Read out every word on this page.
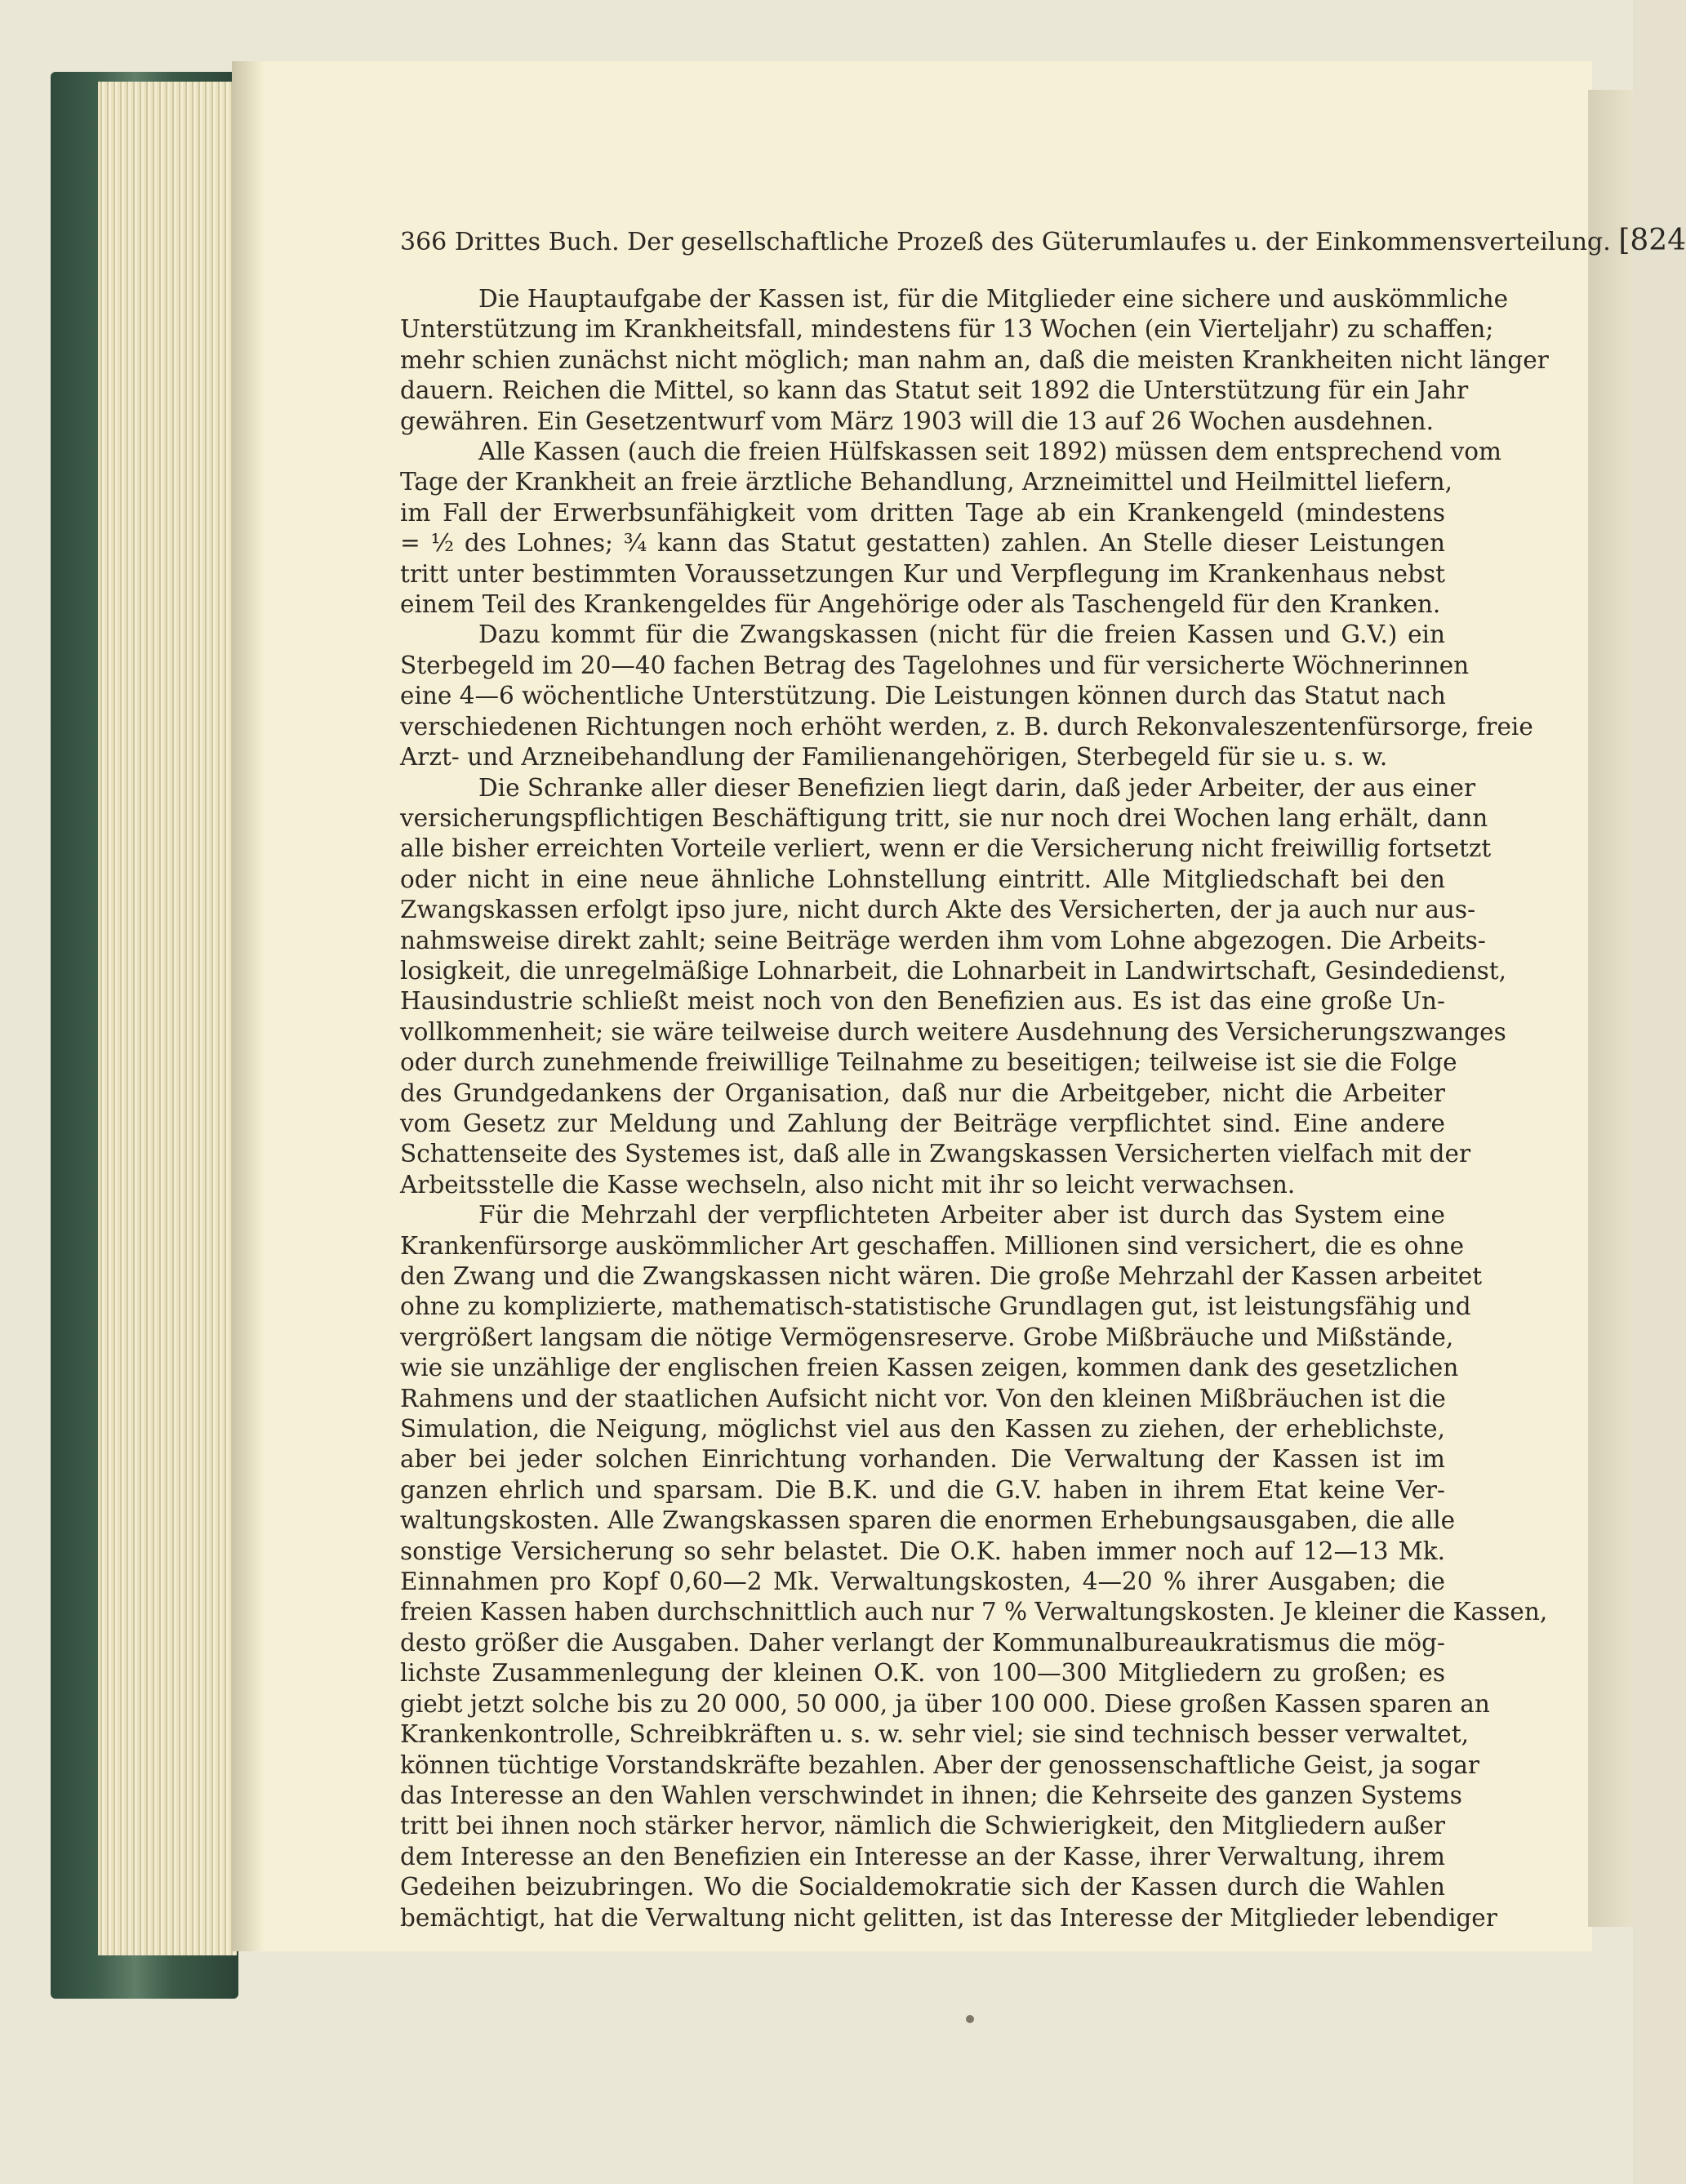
366 Drittes Buch. Der gesellschaftliche Prozeß des Güterumlaufes u. der Einkommensverteilung. [824
Die Hauptaufgabe der Kassen ist, für die Mitglieder eine sichere und auskömmliche
Unterstützung im Krankheitsfall, mindestens für 13 Wochen (ein Vierteljahr) zu schaffen;
mehr schien zunächst nicht möglich; man nahm an, daß die meisten Krankheiten nicht länger
dauern. Reichen die Mittel, so kann das Statut seit 1892 die Unterstützung für ein Jahr
gewähren. Ein Gesetzentwurf vom März 1903 will die 13 auf 26 Wochen ausdehnen.
Alle Kassen (auch die freien Hülfskassen seit 1892) müssen dem entsprechend vom
Tage der Krankheit an freie ärztliche Behandlung, Arzneimittel und Heilmittel liefern,
im Fall der Erwerbsunfähigkeit vom dritten Tage ab ein Krankengeld (mindestens
= ½ des Lohnes; ¾ kann das Statut gestatten) zahlen. An Stelle dieser Leistungen
tritt unter bestimmten Voraussetzungen Kur und Verpflegung im Krankenhaus nebst
einem Teil des Krankengeldes für Angehörige oder als Taschengeld für den Kranken.
Dazu kommt für die Zwangskassen (nicht für die freien Kassen und G.V.) ein
Sterbegeld im 20—40 fachen Betrag des Tagelohnes und für versicherte Wöchnerinnen
eine 4—6 wöchentliche Unterstützung. Die Leistungen können durch das Statut nach
verschiedenen Richtungen noch erhöht werden, z. B. durch Rekonvaleszentenfürsorge, freie
Arzt- und Arzneibehandlung der Familienangehörigen, Sterbegeld für sie u. s. w.
Die Schranke aller dieser Benefizien liegt darin, daß jeder Arbeiter, der aus einer
versicherungspflichtigen Beschäftigung tritt, sie nur noch drei Wochen lang erhält, dann
alle bisher erreichten Vorteile verliert, wenn er die Versicherung nicht freiwillig fortsetzt
oder nicht in eine neue ähnliche Lohnstellung eintritt. Alle Mitgliedschaft bei den
Zwangskassen erfolgt ipso jure, nicht durch Akte des Versicherten, der ja auch nur aus-
nahmsweise direkt zahlt; seine Beiträge werden ihm vom Lohne abgezogen. Die Arbeits-
losigkeit, die unregelmäßige Lohnarbeit, die Lohnarbeit in Landwirtschaft, Gesindedienst,
Hausindustrie schließt meist noch von den Benefizien aus. Es ist das eine große Un-
vollkommenheit; sie wäre teilweise durch weitere Ausdehnung des Versicherungszwanges
oder durch zunehmende freiwillige Teilnahme zu beseitigen; teilweise ist sie die Folge
des Grundgedankens der Organisation, daß nur die Arbeitgeber, nicht die Arbeiter
vom Gesetz zur Meldung und Zahlung der Beiträge verpflichtet sind. Eine andere
Schattenseite des Systemes ist, daß alle in Zwangskassen Versicherten vielfach mit der
Arbeitsstelle die Kasse wechseln, also nicht mit ihr so leicht verwachsen.
Für die Mehrzahl der verpflichteten Arbeiter aber ist durch das System eine
Krankenfürsorge auskömmlicher Art geschaffen. Millionen sind versichert, die es ohne
den Zwang und die Zwangskassen nicht wären. Die große Mehrzahl der Kassen arbeitet
ohne zu komplizierte, mathematisch-statistische Grundlagen gut, ist leistungsfähig und
vergrößert langsam die nötige Vermögensreserve. Grobe Mißbräuche und Mißstände,
wie sie unzählige der englischen freien Kassen zeigen, kommen dank des gesetzlichen
Rahmens und der staatlichen Aufsicht nicht vor. Von den kleinen Mißbräuchen ist die
Simulation, die Neigung, möglichst viel aus den Kassen zu ziehen, der erheblichste,
aber bei jeder solchen Einrichtung vorhanden. Die Verwaltung der Kassen ist im
ganzen ehrlich und sparsam. Die B.K. und die G.V. haben in ihrem Etat keine Ver-
waltungskosten. Alle Zwangskassen sparen die enormen Erhebungsausgaben, die alle
sonstige Versicherung so sehr belastet. Die O.K. haben immer noch auf 12—13 Mk.
Einnahmen pro Kopf 0,60—2 Mk. Verwaltungskosten, 4—20 % ihrer Ausgaben; die
freien Kassen haben durchschnittlich auch nur 7 % Verwaltungskosten. Je kleiner die Kassen,
desto größer die Ausgaben. Daher verlangt der Kommunalbureaukratismus die mög-
lichste Zusammenlegung der kleinen O.K. von 100—300 Mitgliedern zu großen; es
giebt jetzt solche bis zu 20 000, 50 000, ja über 100 000. Diese großen Kassen sparen an
Krankenkontrolle, Schreibkräften u. s. w. sehr viel; sie sind technisch besser verwaltet,
können tüchtige Vorstandskräfte bezahlen. Aber der genossenschaftliche Geist, ja sogar
das Interesse an den Wahlen verschwindet in ihnen; die Kehrseite des ganzen Systems
tritt bei ihnen noch stärker hervor, nämlich die Schwierigkeit, den Mitgliedern außer
dem Interesse an den Benefizien ein Interesse an der Kasse, ihrer Verwaltung, ihrem
Gedeihen beizubringen. Wo die Socialdemokratie sich der Kassen durch die Wahlen
bemächtigt, hat die Verwaltung nicht gelitten, ist das Interesse der Mitglieder lebendiger
